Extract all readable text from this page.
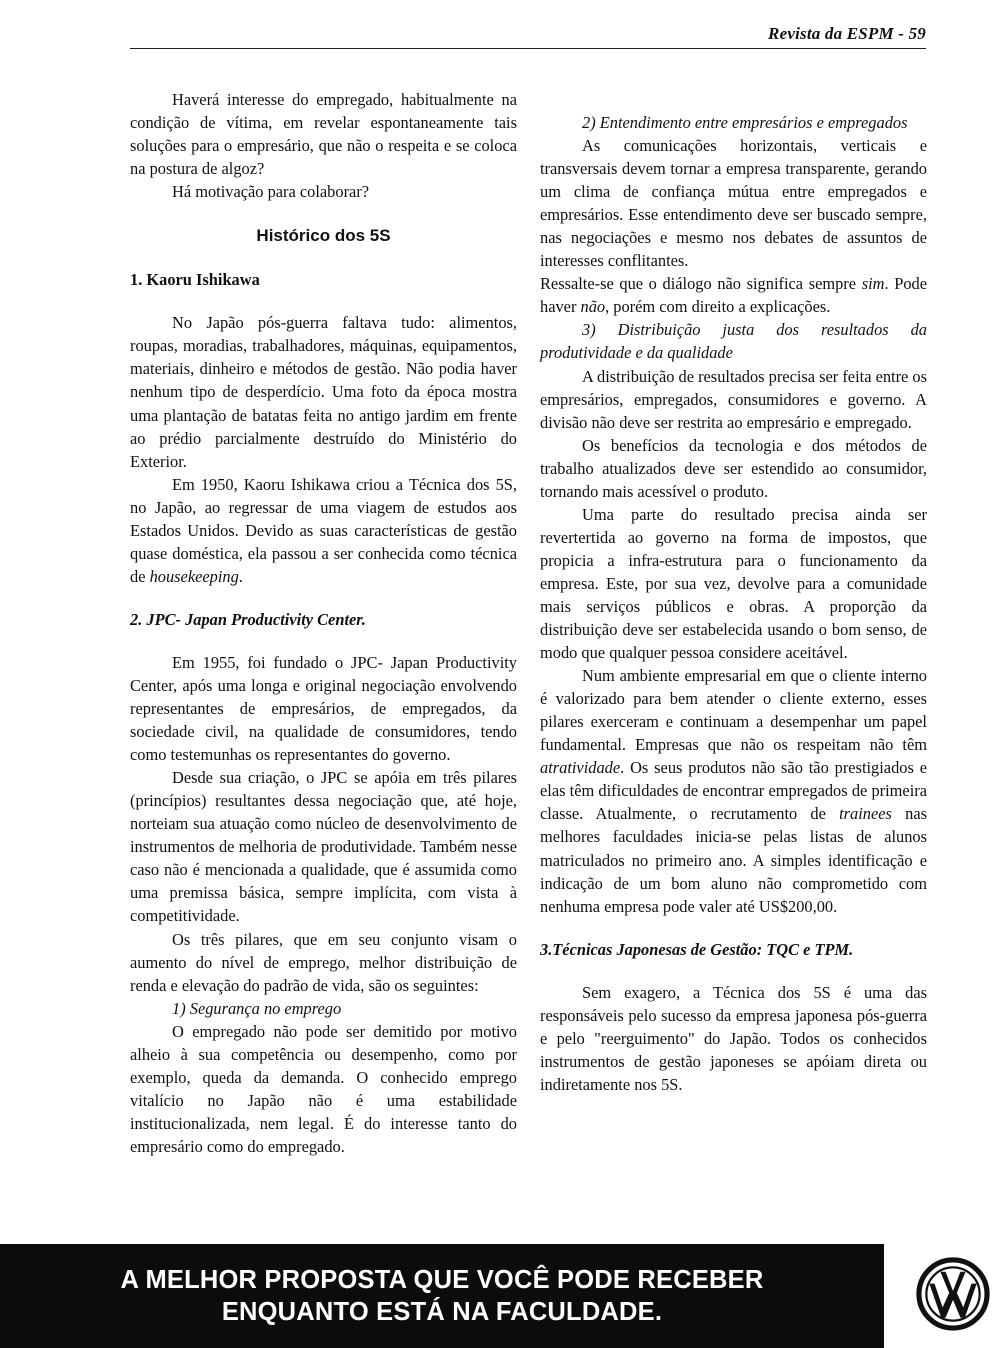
Revista da ESPM - 59

Haverá interesse do empregado, habitualmente na condição de vítima, em revelar espontaneamente tais soluções para o empresário, que não o respeita e se coloca na postura de algoz?

Há motivação para colaborar?

Histórico dos 5S
1. Kaoru Ishikawa

No Japão pós-guerra faltava tudo: alimentos, roupas, moradias, trabalhadores, máquinas, equipamentos, materiais, dinheiro e métodos de gestão. Não podia haver nenhum tipo de desperdício. Uma foto da época mostra uma plantação de batatas feita no antigo jardim em frente ao prédio parcialmente destruído do Ministério do Exterior.

Em 1950, Kaoru Ishikawa criou a Técnica dos 5S, no Japão, ao regressar de uma viagem de estudos aos Estados Unidos. Devido as suas características de gestão quase doméstica, ela passou a ser conhecida como técnica de housekeeping.

2. JPC- Japan Productivity Center.

Em 1955, foi fundado o JPC- Japan Productivity Center, após uma longa e original negociação envolvendo representantes de empresários, de empregados, da sociedade civil, na qualidade de consumidores, tendo como testemunhas os representantes do governo.

Desde sua criação, o JPC se apóia em três pilares (princípios) resultantes dessa negociação que, até hoje, norteiam sua atuação como núcleo de desenvolvimento de instrumentos de melhoria de produtividade. Também nesse caso não é mencionada a qualidade, que é assumida como uma premissa básica, sempre implícita, com vista à competitividade.

Os três pilares, que em seu conjunto visam o aumento do nível de emprego, melhor distribuição de renda e elevação do padrão de vida, são os seguintes:

1) Segurança no emprego

O empregado não pode ser demitido por motivo alheio à sua competência ou desempenho, como por exemplo, queda da demanda. O conhecido emprego vitalício no Japão não é uma estabilidade institucionalizada, nem legal. É do interesse tanto do empresário como do empregado.

2) Entendimento entre empresários e empregados

As comunicações horizontais, verticais e transversais devem tornar a empresa transparente, gerando um clima de confiança mútua entre empregados e empresários. Esse entendimento deve ser buscado sempre, nas negociações e mesmo nos debates de assuntos de interesses conflitantes.

Ressalte-se que o diálogo não significa sempre sim. Pode haver não, porém com direito a explicações.

3) Distribuição justa dos resultados da produtividade e da qualidade

A distribuição de resultados precisa ser feita entre os empresários, empregados, consumidores e governo. A divisão não deve ser restrita ao empresário e empregado.

Os benefícios da tecnologia e dos métodos de trabalho atualizados deve ser estendido ao consumidor, tornando mais acessível o produto.

Uma parte do resultado precisa ainda ser revertertida ao governo na forma de impostos, que propicia a infra-estrutura para o funcionamento da empresa. Este, por sua vez, devolve para a comunidade mais serviços públicos e obras. A proporção da distribuição deve ser estabelecida usando o bom senso, de modo que qualquer pessoa considere aceitável.

Num ambiente empresarial em que o cliente interno é valorizado para bem atender o cliente externo, esses pilares exerceram e continuam a desempenhar um papel fundamental. Empresas que não os respeitam não têm atratividade. Os seus produtos não são tão prestigiados e elas têm dificuldades de encontrar empregados de primeira classe. Atualmente, o recrutamento de trainees nas melhores faculdades inicia-se pelas listas de alunos matriculados no primeiro ano. A simples identificação e indicação de um bom aluno não comprometido com nenhuma empresa pode valer até US$200,00.

3.Técnicas Japonesas de Gestão: TQC e TPM.

Sem exagero, a Técnica dos 5S é uma das responsáveis pelo sucesso da empresa japonesa pós-guerra e pelo "reerguimento" do Japão. Todos os conhecidos instrumentos de gestão japoneses se apóiam direta ou indiretamente nos 5S.

A MELHOR PROPOSTA QUE VOCÊ PODE RECEBER
ENQUANTO ESTÁ NA FACULDADE.
